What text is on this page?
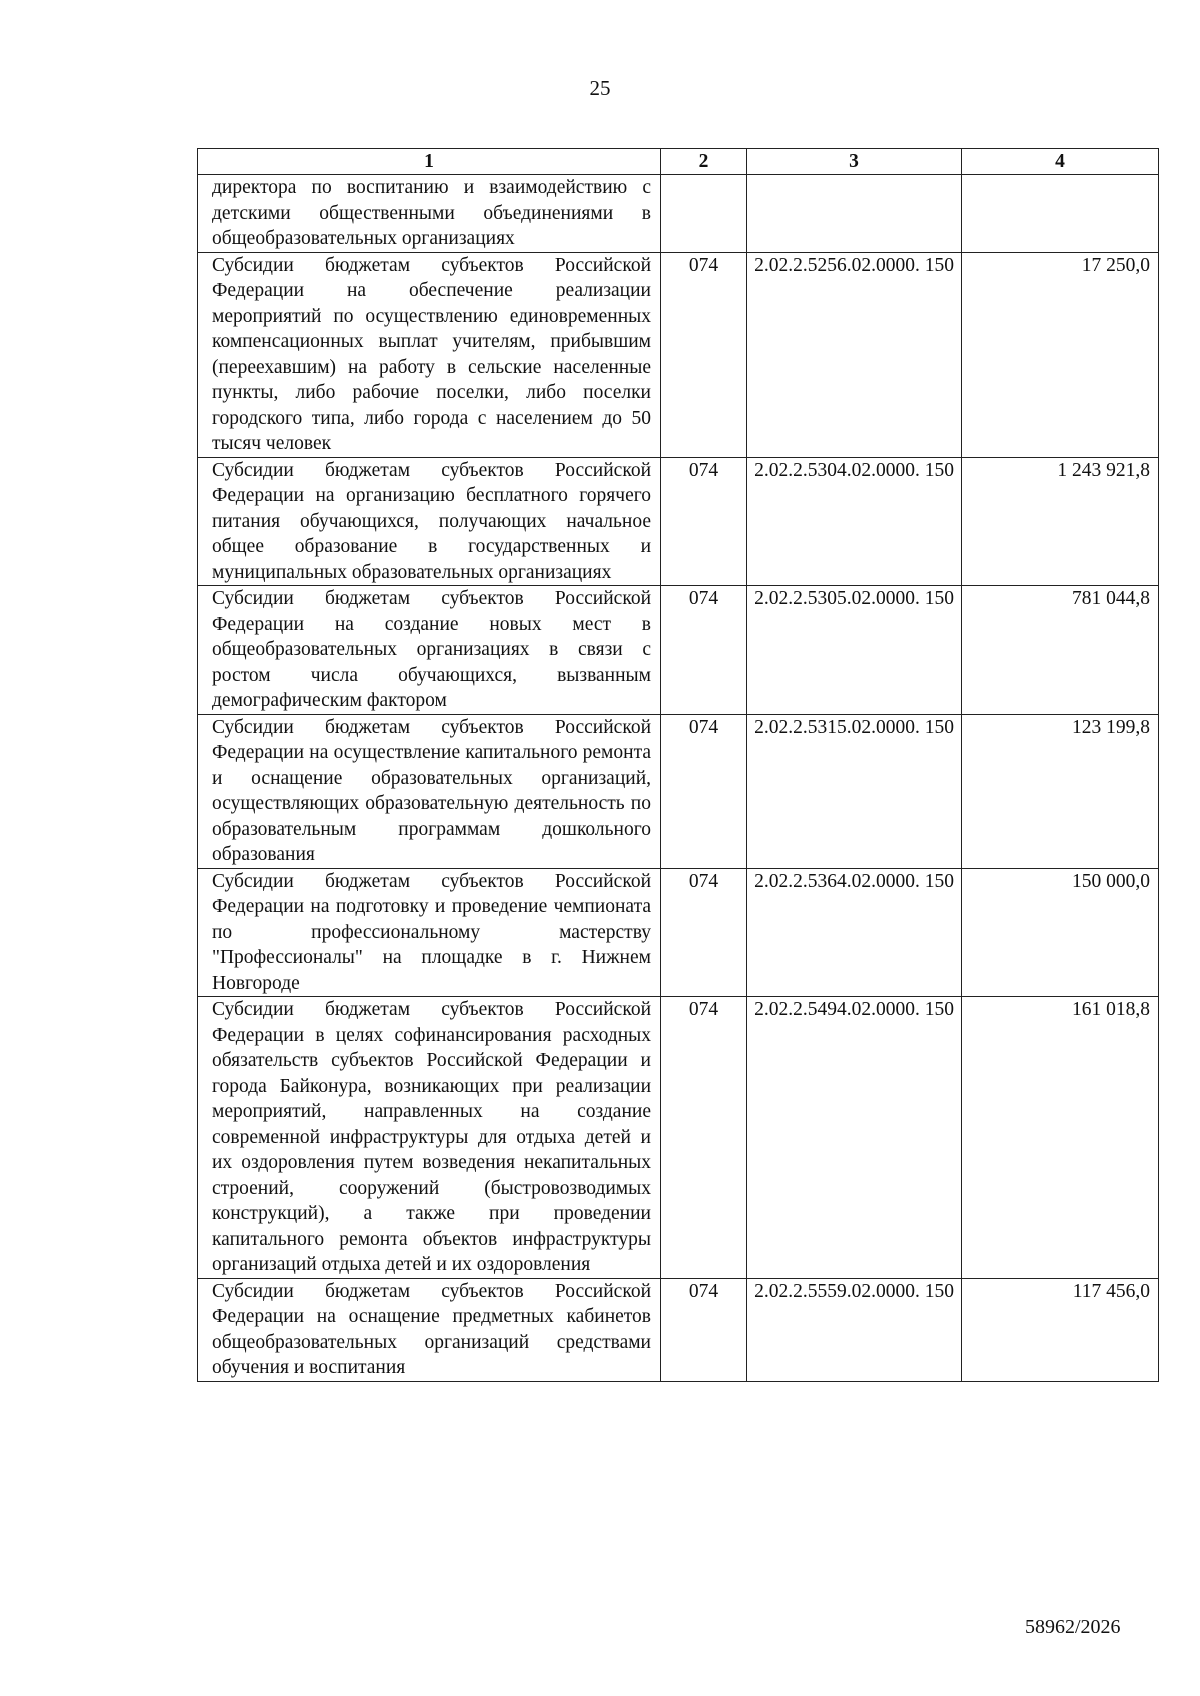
25
1	2	3	4
директора по воспитанию и взаимодействию с детскими общественными объединениями в общеобразовательных организациях			
Субсидии бюджетам субъектов Российской Федерации на обеспечение реализации мероприятий по осуществлению единовременных компенсационных выплат учителям, прибывшим (переехавшим) на работу в сельские населенные пункты, либо рабочие поселки, либо поселки городского типа, либо города с населением до 50 тысяч человек	074	2.02.2.5256.02.0000. 150	17 250,0
Субсидии бюджетам субъектов Российской Федерации на организацию бесплатного горячего питания обучающихся, получающих начальное общее образование в государственных и муниципальных образовательных организациях	074	2.02.2.5304.02.0000. 150	1 243 921,8
Субсидии бюджетам субъектов Российской Федерации на создание новых мест в общеобразовательных организациях в связи с ростом числа обучающихся, вызванным демографическим фактором	074	2.02.2.5305.02.0000. 150	781 044,8
Субсидии бюджетам субъектов Российской Федерации на осуществление капитального ремонта и оснащение образовательных организаций, осуществляющих образовательную деятельность по образовательным программам дошкольного образования	074	2.02.2.5315.02.0000. 150	123 199,8
Субсидии бюджетам субъектов Российской Федерации на подготовку и проведение чемпионата по профессиональному мастерству "Профессионалы" на площадке в г. Нижнем Новгороде	074	2.02.2.5364.02.0000. 150	150 000,0
Субсидии бюджетам субъектов Российской Федерации в целях софинансирования расходных обязательств субъектов Российской Федерации и города Байконура, возникающих при реализации мероприятий, направленных на создание современной инфраструктуры для отдыха детей и их оздоровления путем возведения некапитальных строений, сооружений (быстровозводимых конструкций), а также при проведении капитального ремонта объектов инфраструктуры организаций отдыха детей и их оздоровления	074	2.02.2.5494.02.0000. 150	161 018,8
Субсидии бюджетам субъектов Российской Федерации на оснащение предметных кабинетов общеобразовательных организаций средствами обучения и воспитания	074	2.02.2.5559.02.0000. 150	117 456,0
58962/2026
